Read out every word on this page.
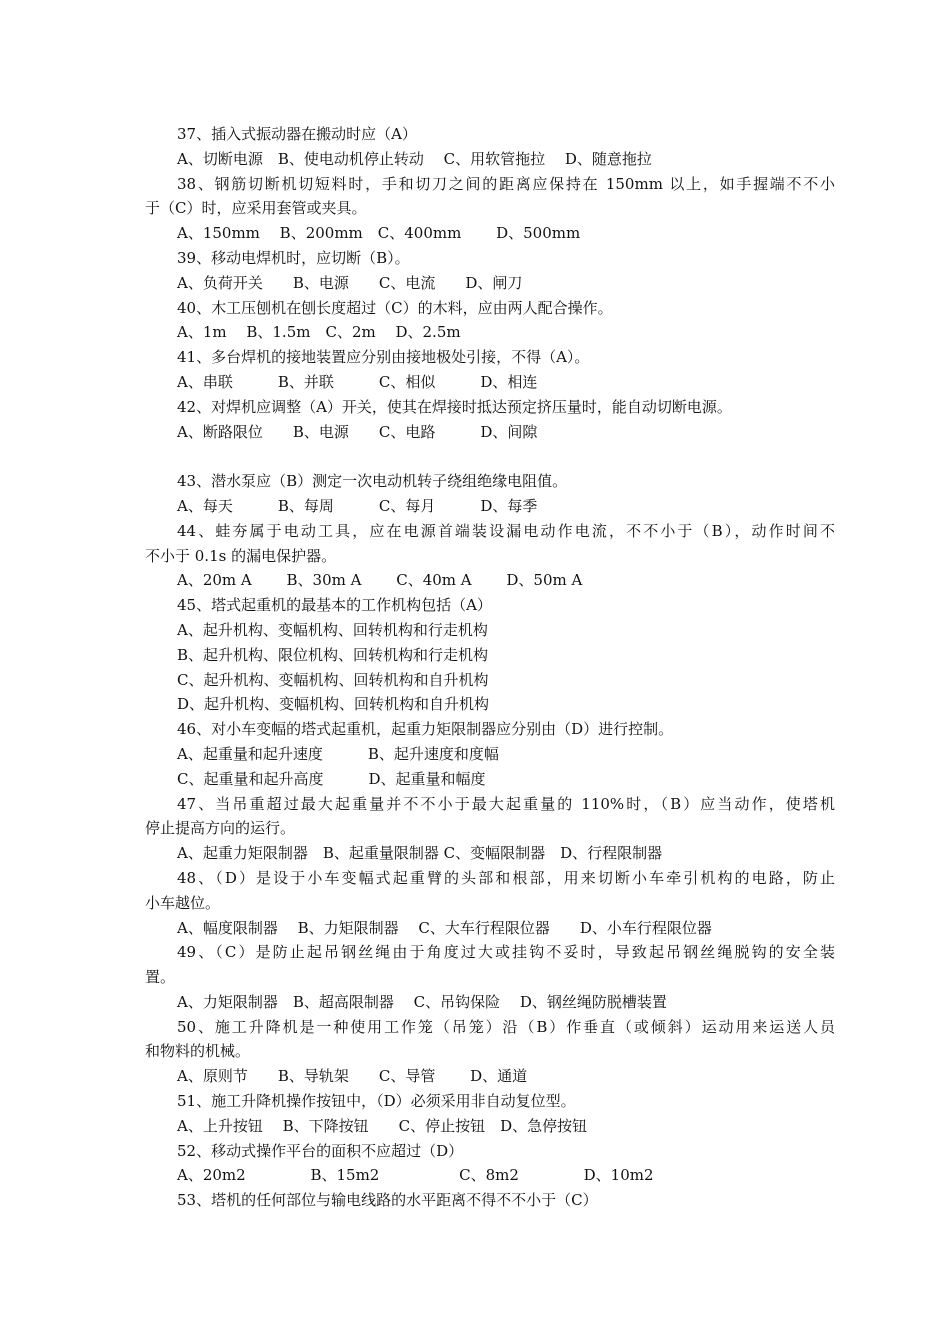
37、插入式振动器在搬动时应（A）
A、切断电源　B、使电动机停止转动　 C、用软管拖拉　 D、随意拖拉
38、钢筋切断机切短料时，手和切刀之间的距离应保持在 150mm 以上，如手握端不不小
于（C）时，应采用套管或夹具。
A、150mm　 B、200mm　C、400mm　　 D、500mm
39、移动电焊机时，应切断（B）。
A、负荷开关　　B、电源　　C、电流　　D、闸刀
40、木工压刨机在刨长度超过（C）的木料，应由两人配合操作。
A、1m　 B、1.5m　C、2m　 D、2.5m
41、多台焊机的接地装置应分别由接地极处引接，不得（A）。
A、串联　　　B、并联　　　C、相似　　　D、相连
42、对焊机应调整（A）开关，使其在焊接时抵达预定挤压量时，能自动切断电源。
A、断路限位　　B、电源　　C、电路　　　D、间隙
43、潜水泵应（B）测定一次电动机转子绕组绝缘电阻值。
A、每天　　　B、每周　　　C、每月　　　D、每季
44、蛙夯属于电动工具，应在电源首端装设漏电动作电流，不不小于（B），动作时间不
不小于 0.1s 的漏电保护器。
A、20m A　　 B、30m A　　 C、40m A　　 D、50m A
45、塔式起重机的最基本的工作机构包括（A）
A、起升机构、变幅机构、回转机构和行走机构
B、起升机构、限位机构、回转机构和行走机构
C、起升机构、变幅机构、回转机构和自升机构
D、起升机构、变幅机构、回转机构和自升机构
46、对小车变幅的塔式起重机，起重力矩限制器应分别由（D）进行控制。
A、起重量和起升速度　　　B、起升速度和度幅
C、起重量和起升高度　　　D、起重量和幅度
47、当吊重超过最大起重量并不不小于最大起重量的 110%时，（B）应当动作，使塔机
停止提高方向的运行。
A、起重力矩限制器　B、起重量限制器 C、变幅限制器　D、行程限制器
48、（D）是设于小车变幅式起重臂的头部和根部，用来切断小车牵引机构的电路，防止
小车越位。
A、幅度限制器　 B、力矩限制器　 C、大车行程限位器　　D、小车行程限位器
49、（C）是防止起吊钢丝绳由于角度过大或挂钩不妥时，导致起吊钢丝绳脱钩的安全装
置。
A、力矩限制器　B、超高限制器　 C、吊钩保险　 D、钢丝绳防脱槽装置
50、施工升降机是一种使用工作笼（吊笼）沿（B）作垂直（或倾斜）运动用来运送人员
和物料的机械。
A、原则节　　B、导轨架　　C、导管　　 D、通道
51、施工升降机操作按钮中，（D）必须采用非自动复位型。
A、上升按钮　 B、下降按钮　　C、停止按钮　D、急停按钮
52、移动式操作平台的面积不应超过（D）
A、20m2　　　　 B、15m2　　　　　 C、8m2　　　　 D、10m2
53、塔机的任何部位与输电线路的水平距离不得不不小于（C）
